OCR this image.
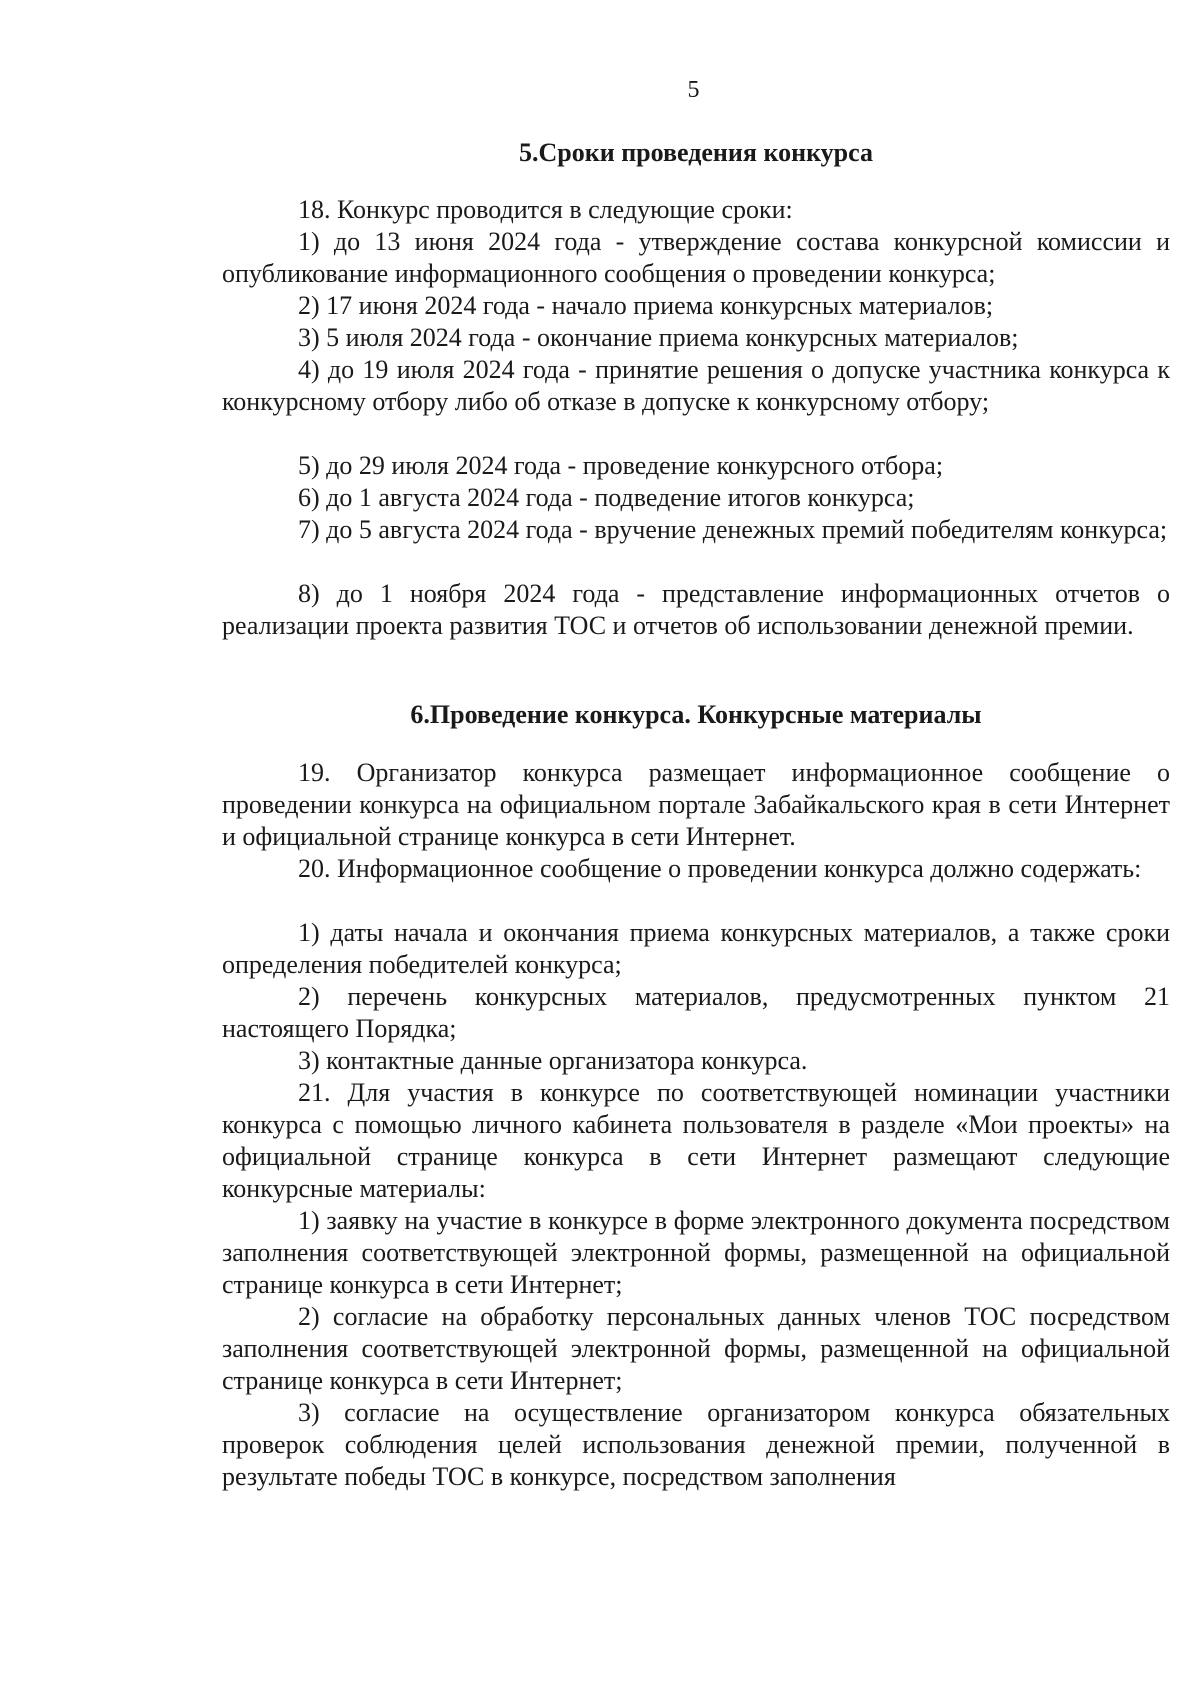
5
5.Сроки проведения конкурса

18. Конкурс проводится в следующие сроки:

1) до 13 июня 2024 года - утверждение состава конкурсной комиссии и опубликование информационного сообщения о проведении конкурса;

2) 17 июня 2024 года - начало приема конкурсных материалов;

3) 5 июля 2024 года - окончание приема конкурсных материалов;

4) до 19 июля 2024 года - принятие решения о допуске участника конкурса к конкурсному отбору либо об отказе в допуске к конкурсному отбору;

5) до 29 июля 2024 года - проведение конкурсного отбора;

6) до 1 августа 2024 года - подведение итогов конкурса;

7) до 5 августа 2024 года - вручение денежных премий победителям конкурса;

8) до 1 ноября 2024 года - представление информационных отчетов о реализации проекта развития ТОС и отчетов об использовании денежной премии.

6.Проведение конкурса. Конкурсные материалы

19. Организатор конкурса размещает информационное сообщение о проведении конкурса на официальном портале Забайкальского края в сети Интернет и официальной странице конкурса в сети Интернет.

20. Информационное сообщение о проведении конкурса должно содержать:

1) даты начала и окончания приема конкурсных материалов, а также сроки определения победителей конкурса;

2) перечень конкурсных материалов, предусмотренных пунктом 21 настоящего Порядка;

3) контактные данные организатора конкурса.

21. Для участия в конкурсе по соответствующей номинации участники конкурса с помощью личного кабинета пользователя в разделе «Мои проекты» на официальной странице конкурса в сети Интернет размещают следующие конкурсные материалы:

1) заявку на участие в конкурсе в форме электронного документа посредством заполнения соответствующей электронной формы, размещенной на официальной странице конкурса в сети Интернет;

2) согласие на обработку персональных данных членов ТОС посредством заполнения соответствующей электронной формы, размещенной на официальной странице конкурса в сети Интернет;

3) согласие на осуществление организатором конкурса обязательных проверок соблюдения целей использования денежной премии, полученной в результате победы ТОС в конкурсе, посредством заполнения
